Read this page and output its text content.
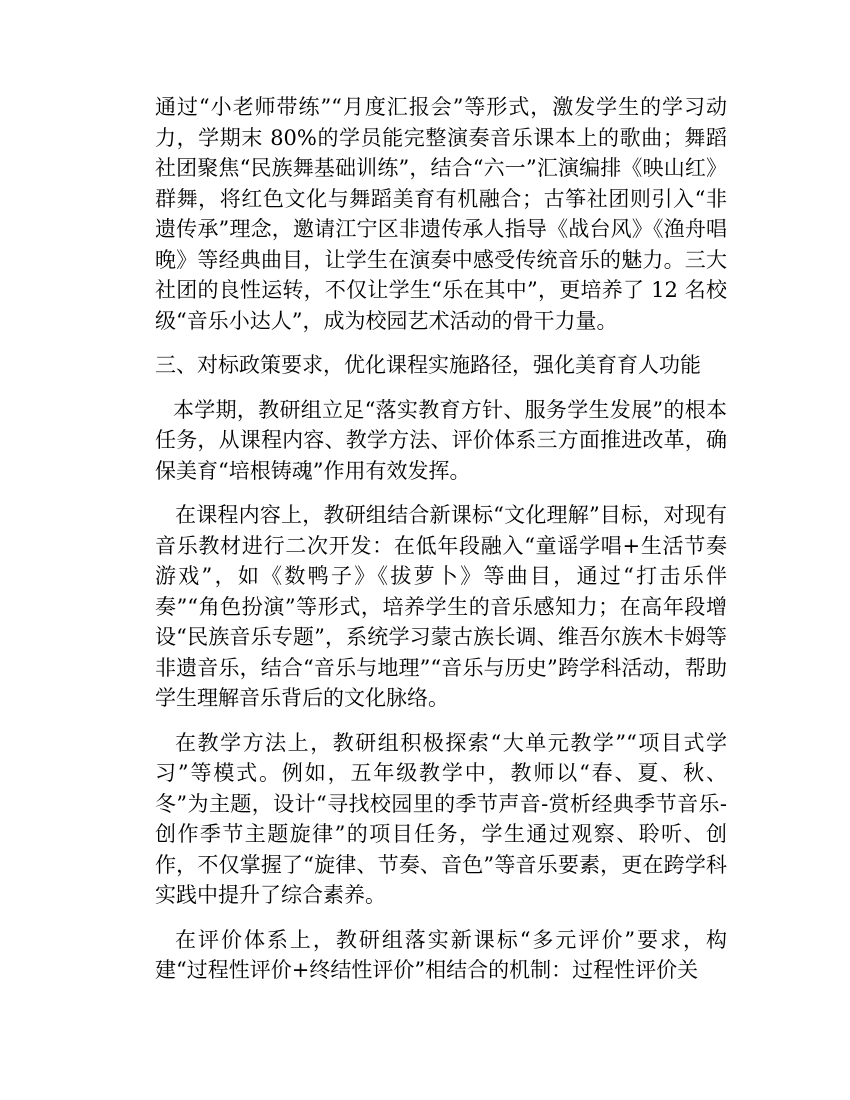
通过“小老师带练”“月度汇报会”等形式，激发学生的学习动力，学期末 80%的学员能完整演奏音乐课本上的歌曲；舞蹈社团聚焦“民族舞基础训练”，结合“六一”汇演编排《映山红》群舞，将红色文化与舞蹈美育有机融合；古筝社团则引入“非遗传承”理念，邀请江宁区非遗传承人指导《战台风》《渔舟唱晚》等经典曲目，让学生在演奏中感受传统音乐的魅力。三大社团的良性运转，不仅让学生“乐在其中”，更培养了 12 名校级“音乐小达人”，成为校园艺术活动的骨干力量。

三、对标政策要求，优化课程实施路径，强化美育育人功能

本学期，教研组立足“落实教育方针、服务学生发展”的根本任务，从课程内容、教学方法、评价体系三方面推进改革，确保美育“培根铸魂”作用有效发挥。

在课程内容上，教研组结合新课标“文化理解”目标，对现有音乐教材进行二次开发：在低年段融入“童谣学唱+生活节奏游戏”，如《数鸭子》《拔萝卜》等曲目，通过“打击乐伴奏”“角色扮演”等形式，培养学生的音乐感知力；在高年段增设“民族音乐专题”，系统学习蒙古族长调、维吾尔族木卡姆等非遗音乐，结合“音乐与地理”“音乐与历史”跨学科活动，帮助学生理解音乐背后的文化脉络。

在教学方法上，教研组积极探索“大单元教学”“项目式学习”等模式。例如，五年级教学中，教师以“春、夏、秋、冬”为主题，设计“寻找校园里的季节声音-赏析经典季节音乐-创作季节主题旋律”的项目任务，学生通过观察、聆听、创作，不仅掌握了“旋律、节奏、音色”等音乐要素，更在跨学科实践中提升了综合素养。

在评价体系上，教研组落实新课标“多元评价”要求，构建“过程性评价+终结性评价”相结合的机制：过程性评价关
